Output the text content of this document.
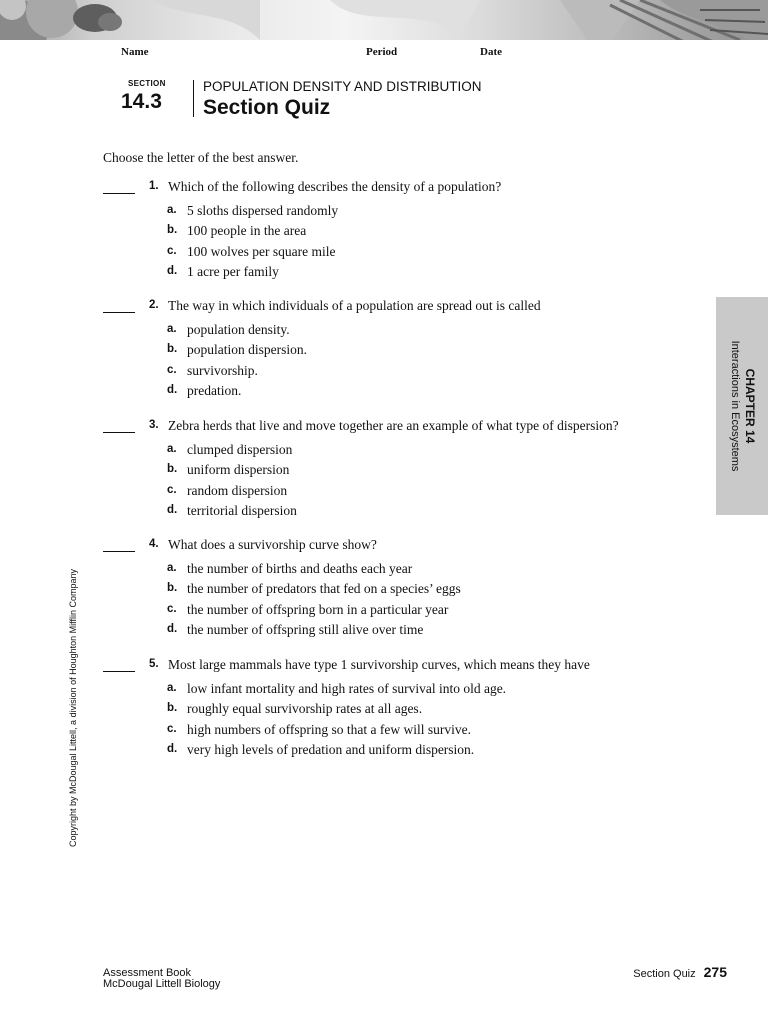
Name	Period	Date
SECTION
14.3
POPULATION DENSITY AND DISTRIBUTION
Section Quiz
Choose the letter of the best answer.
1. Which of the following describes the density of a population?
a. 5 sloths dispersed randomly
b. 100 people in the area
c. 100 wolves per square mile
d. 1 acre per family
2. The way in which individuals of a population are spread out is called
a. population density.
b. population dispersion.
c. survivorship.
d. predation.
3. Zebra herds that live and move together are an example of what type of dispersion?
a. clumped dispersion
b. uniform dispersion
c. random dispersion
d. territorial dispersion
4. What does a survivorship curve show?
a. the number of births and deaths each year
b. the number of predators that fed on a species’ eggs
c. the number of offspring born in a particular year
d. the number of offspring still alive over time
5. Most large mammals have type 1 survivorship curves, which means they have
a. low infant mortality and high rates of survival into old age.
b. roughly equal survivorship rates at all ages.
c. high numbers of offspring so that a few will survive.
d. very high levels of predation and uniform dispersion.
CHAPTER 14
Interactions in Ecosystems
Copyright by McDougal Littell, a division of Houghton Mifflin Company
Assessment Book
McDougal Littell Biology
Section Quiz 275
